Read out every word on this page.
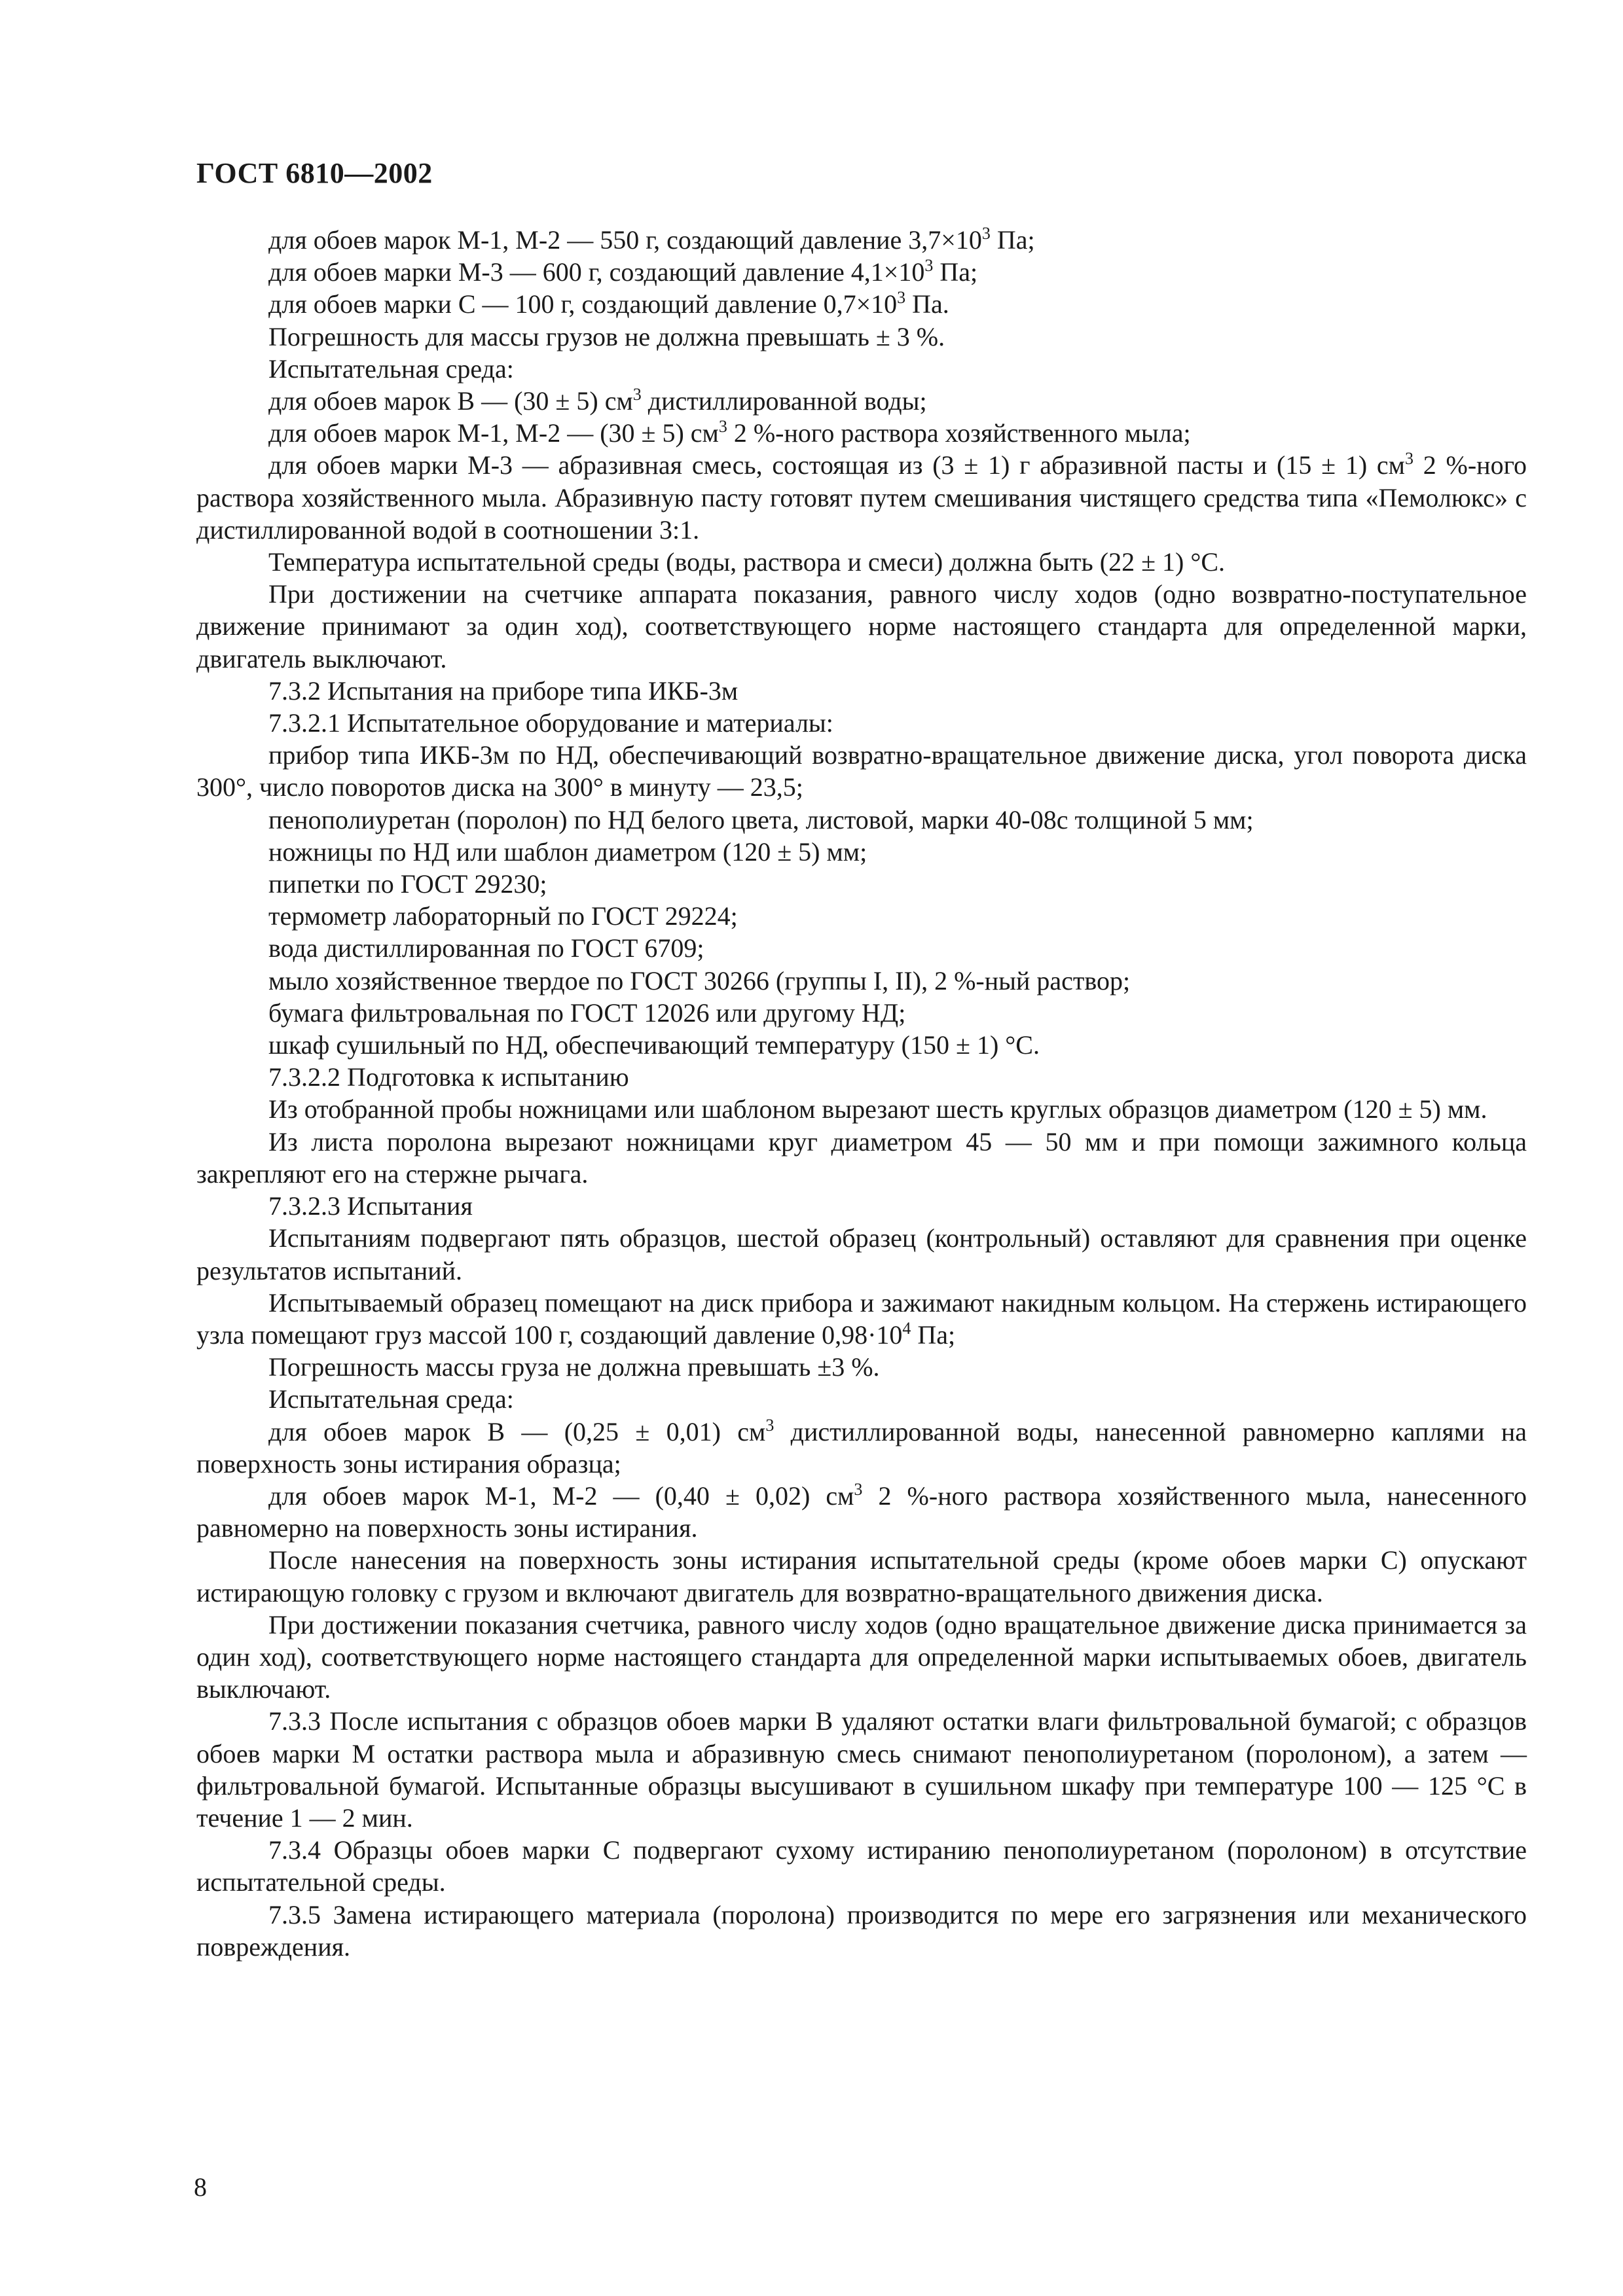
ГОСТ 6810—2002

для обоев марок М-1, М-2 — 550 г, создающий давление $3,7\times 10^3$ Па;

для обоев марки М-3 — 600 г, создающий давление $4,1\times 10^3$ Па;

для обоев марки С — 100 г, создающий давление $0,7\times 10^3$ Па.

Погрешность для массы грузов не должна превышать ± 3 %.

Испытательная среда:

для обоев марок В — (30 ± 5) $см^3$ дистиллированной воды;

для обоев марок М-1, М-2 — (30 ± 5) $см^3$ 2 %-ного раствора хозяйственного мыла;

для обоев марки М-3 — абразивная смесь, состоящая из (3 ± 1) г абразивной пасты и (15 ± 1) $см^3$ 2 %-ного раствора хозяйственного мыла. Абразивную пасту готовят путем смешивания чистящего средства типа «Пемолюкс» с дистиллированной водой в соотношении 3:1.

Температура испытательной среды (воды, раствора и смеси) должна быть (22 ± 1) °С.

При достижении на счетчике аппарата показания, равного числу ходов (одно возвратно-поступательное движение принимают за один ход), соответствующего норме настоящего стандарта для определенной марки, двигатель выключают.

7.3.2 Испытания на приборе типа ИКБ-3м

7.3.2.1 Испытательное оборудование и материалы:

прибор типа ИКБ-3м по НД, обеспечивающий возвратно-вращательное движение диска, угол поворота диска 300°, число поворотов диска на 300° в минуту — 23,5;

пенополиуретан (поролон) по НД белого цвета, листовой, марки 40-08с толщиной 5 мм;

ножницы по НД или шаблон диаметром (120 ± 5) мм;

пипетки по ГОСТ 29230;

термометр лабораторный по ГОСТ 29224;

вода дистиллированная по ГОСТ 6709;

мыло хозяйственное твердое по ГОСТ 30266 (группы I, II), 2 %-ный раствор;

бумага фильтровальная по ГОСТ 12026 или другому НД;

шкаф сушильный по НД, обеспечивающий температуру (150 ± 1) °С.

7.3.2.2 Подготовка к испытанию

Из отобранной пробы ножницами или шаблоном вырезают шесть круглых образцов диаметром (120 ± 5) мм.

Из листа поролона вырезают ножницами круг диаметром 45 — 50 мм и при помощи зажимного кольца закрепляют его на стержне рычага.

7.3.2.3 Испытания

Испытаниям подвергают пять образцов, шестой образец (контрольный) оставляют для сравнения при оценке результатов испытаний.

Испытываемый образец помещают на диск прибора и зажимают накидным кольцом. На стержень истирающего узла помещают груз массой 100 г, создающий давление $0,98\cdot 10^4$ Па;

Погрешность массы груза не должна превышать ±3 %.

Испытательная среда:

для обоев марок В — (0,25 ± 0,01) $см^3$ дистиллированной воды, нанесенной равномерно каплями на поверхность зоны истирания образца;

для обоев марок М-1, М-2 — (0,40 ± 0,02) $см^3$ 2 %-ного раствора хозяйственного мыла, нанесенного равномерно на поверхность зоны истирания.

После нанесения на поверхность зоны истирания испытательной среды (кроме обоев марки С) опускают истирающую головку с грузом и включают двигатель для возвратно-вращательного движения диска.

При достижении показания счетчика, равного числу ходов (одно вращательное движение диска принимается за один ход), соответствующего норме настоящего стандарта для определенной марки испытываемых обоев, двигатель выключают.

7.3.3 После испытания с образцов обоев марки В удаляют остатки влаги фильтровальной бумагой; с образцов обоев марки М остатки раствора мыла и абразивную смесь снимают пенополиуретаном (поролоном), а затем — фильтровальной бумагой. Испытанные образцы высушивают в сушильном шкафу при температуре 100 — 125 °С в течение 1 — 2 мин.

7.3.4 Образцы обоев марки С подвергают сухому истиранию пенополиуретаном (поролоном) в отсутствие испытательной среды.

7.3.5 Замена истирающего материала (поролона) производится по мере его загрязнения или механического повреждения.

8
